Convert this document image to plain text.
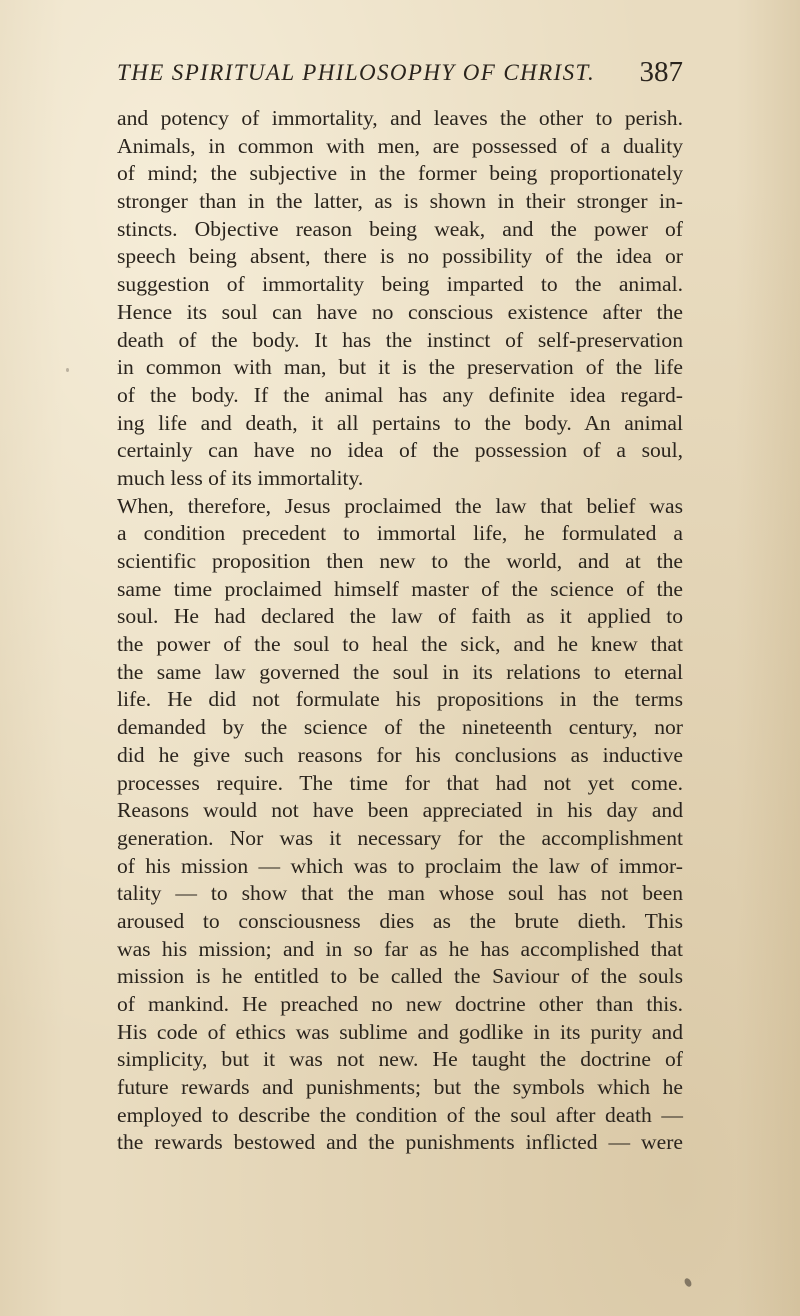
THE SPIRITUAL PHILOSOPHY OF CHRIST. 387
and potency of immortality, and leaves the other to perish.
Animals, in common with men, are possessed of a duality
of mind; the subjective in the former being proportionately
stronger than in the latter, as is shown in their stronger in-
stincts. Objective reason being weak, and the power of
speech being absent, there is no possibility of the idea or
suggestion of immortality being imparted to the animal.
Hence its soul can have no conscious existence after the
death of the body. It has the instinct of self-preservation
in common with man, but it is the preservation of the life
of the body. If the animal has any definite idea regard-
ing life and death, it all pertains to the body. An animal
certainly can have no idea of the possession of a soul,
much less of its immortality.
When, therefore, Jesus proclaimed the law that belief was
a condition precedent to immortal life, he formulated a
scientific proposition then new to the world, and at the
same time proclaimed himself master of the science of the
soul. He had declared the law of faith as it applied to
the power of the soul to heal the sick, and he knew that
the same law governed the soul in its relations to eternal
life. He did not formulate his propositions in the terms
demanded by the science of the nineteenth century, nor
did he give such reasons for his conclusions as inductive
processes require. The time for that had not yet come.
Reasons would not have been appreciated in his day and
generation. Nor was it necessary for the accomplishment
of his mission — which was to proclaim the law of immor-
tality — to show that the man whose soul has not been
aroused to consciousness dies as the brute dieth. This
was his mission; and in so far as he has accomplished that
mission is he entitled to be called the Saviour of the souls
of mankind. He preached no new doctrine other than this.
His code of ethics was sublime and godlike in its purity and
simplicity, but it was not new. He taught the doctrine of
future rewards and punishments; but the symbols which he
employed to describe the condition of the soul after death —
the rewards bestowed and the punishments inflicted — were
